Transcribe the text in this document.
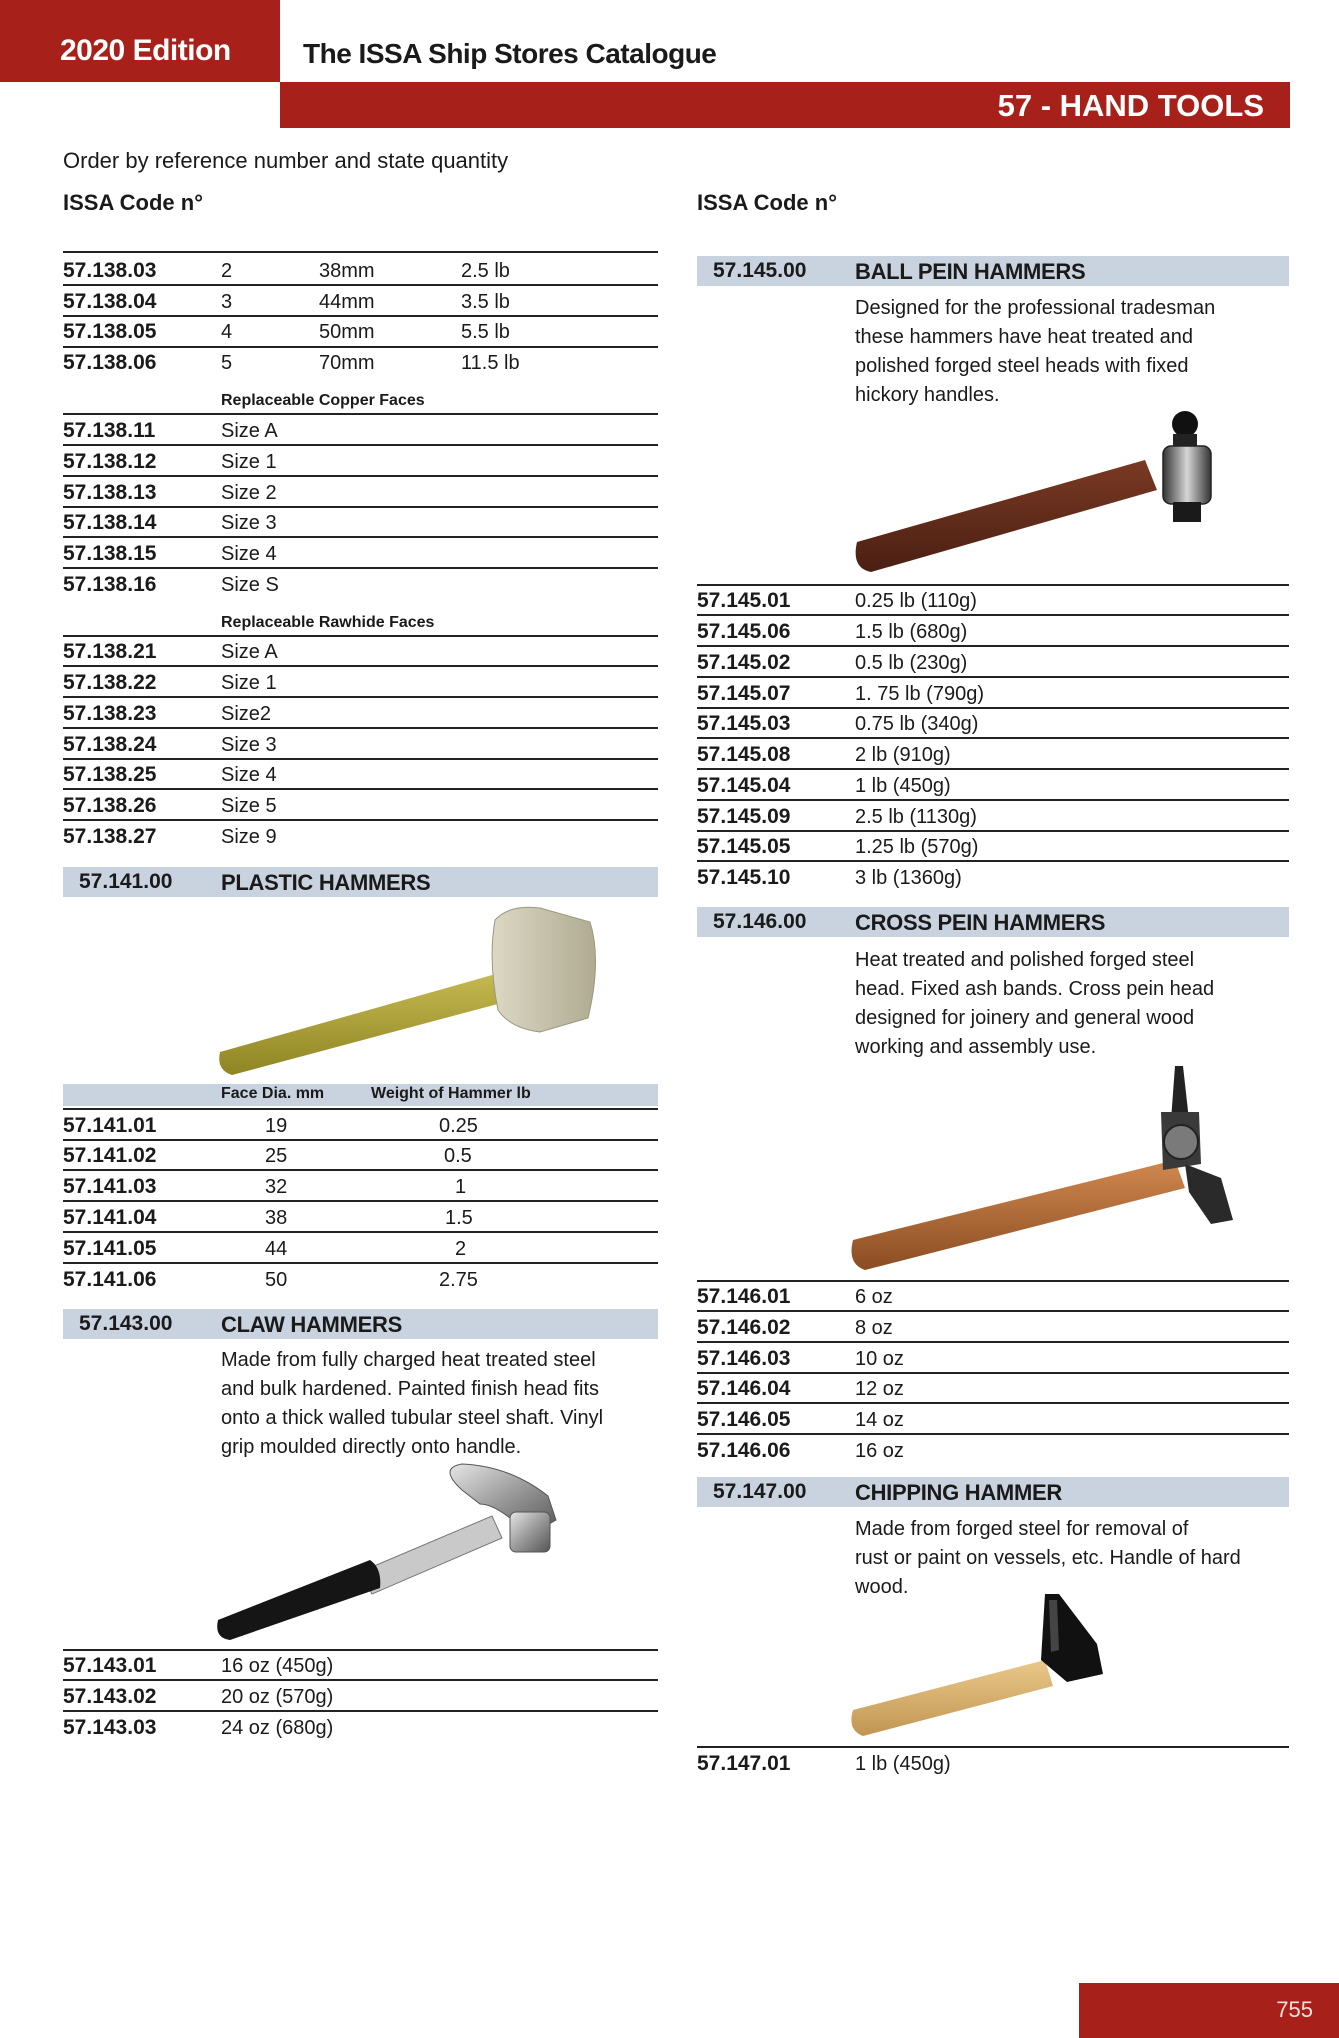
2020 Edition	The ISSA Ship Stores Catalogue
57 - HAND TOOLS
Order by reference number and state quantity
ISSA Code n°	ISSA Code n°
57.138.03	2	38mm	2.5 lb
57.138.04	3	44mm	3.5 lb
57.138.05	4	50mm	5.5 lb
57.138.06	5	70mm	11.5 lb
Replaceable Copper Faces
57.138.11	Size A
57.138.12	Size 1
57.138.13	Size 2
57.138.14	Size 3
57.138.15	Size 4
57.138.16	Size S
Replaceable Rawhide Faces
57.138.21	Size A
57.138.22	Size 1
57.138.23	Size2
57.138.24	Size 3
57.138.25	Size 4
57.138.26	Size 5
57.138.27	Size 9
57.141.00 PLASTIC HAMMERS
Face Dia. mm	Weight of Hammer lb
57.141.01	19	0.25
57.141.02	25	0.5
57.141.03	32	1
57.141.04	38	1.5
57.141.05	44	2
57.141.06	50	2.75
57.143.00 CLAW HAMMERS
Made from fully charged heat treated steel
and bulk hardened. Painted finish head fits
onto a thick walled tubular steel shaft. Vinyl
grip moulded directly onto handle.
57.143.01	16 oz (450g)
57.143.02	20 oz (570g)
57.143.03	24 oz (680g)
57.145.00 BALL PEIN HAMMERS
Designed for the professional tradesman
these hammers have heat treated and
polished forged steel heads with fixed
hickory handles.
57.145.01	0.25 lb (110g)
57.145.06	1.5 lb (680g)
57.145.02	0.5 lb (230g)
57.145.07	1. 75 lb (790g)
57.145.03	0.75 lb (340g)
57.145.08	2 lb (910g)
57.145.04	1 lb (450g)
57.145.09	2.5 lb (1130g)
57.145.05	1.25 lb (570g)
57.145.10	3 lb (1360g)
57.146.00 CROSS PEIN HAMMERS
Heat treated and polished forged steel
head. Fixed ash bands. Cross pein head
designed for joinery and general wood
working and assembly use.
57.146.01	6 oz
57.146.02	8 oz
57.146.03	10 oz
57.146.04	12 oz
57.146.05	14 oz
57.146.06	16 oz
57.147.00 CHIPPING HAMMER
Made from forged steel for removal of
rust or paint on vessels, etc. Handle of hard
wood.
57.147.01	1 lb (450g)
755
